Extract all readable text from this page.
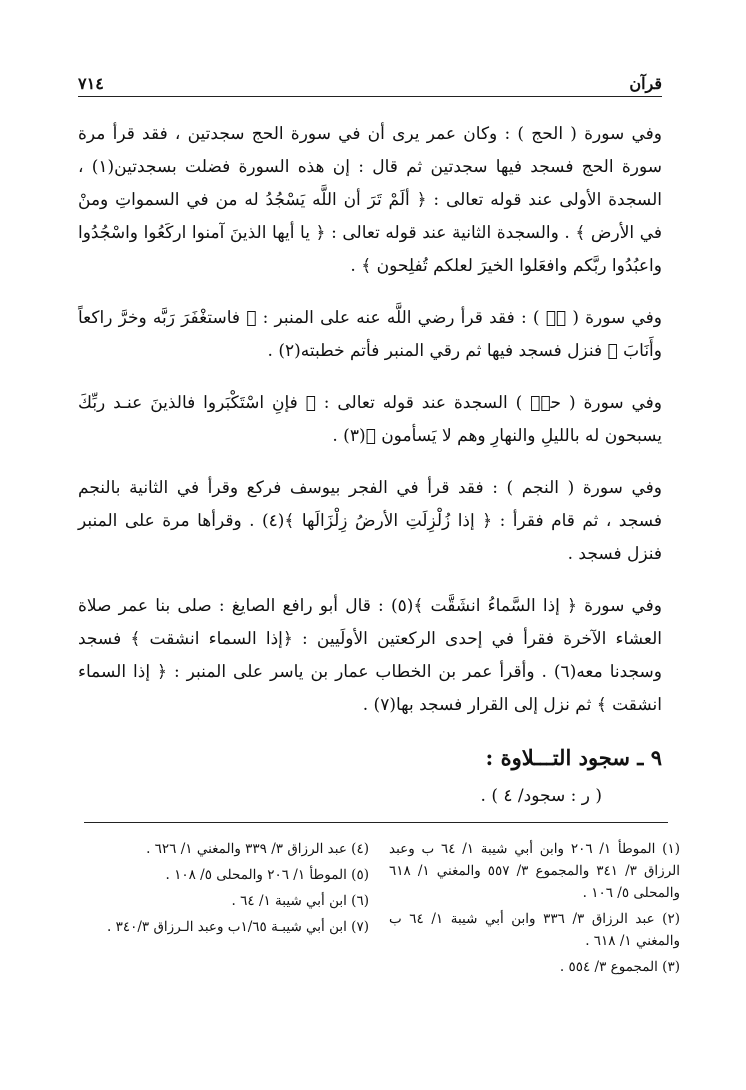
قرآن
٧١٤

وفي سورة ( الحج ) : وكان عمر يرى أن في سورة الحج سجدتين ، فقد قرأ مرة سورة الحج فسجد فيها سجدتين ثم قال : إن هذه السورة فضلت بسجدتين(١) ، السجدة الأولى عند قوله تعالى : ﴿ ألَمْ تَرَ أن اللَّه يَسْجُدُ له من في السمواتِ ومنْ في الأرض ﴾ . والسجدة الثانية عند قوله تعالى : ﴿ يا أيها الذينَ آمنوا اركَعُوا واسْجُدُوا واعبُدُوا ربَّكم وافعَلوا الخيرَ لعلكم تُفلِحون ﴾ .

وفي سورة ( صۤ ) : فقد قرأ رضي اللَّه عنه على المنبر : ﴿ فاستغْفَرَ رَبَّه وخرَّ راكعاً وأَنَابَ ﴾ فنزل فسجد فيها ثم رقي المنبر فأتم خطبته(٢) .

وفي سورة ( حمۤ ) السجدة عند قوله تعالى : ﴿ فإنِ اسْتَكْبَروا فالذينَ عنـد ربِّكَ يسبحون له بالليلِ والنهارِ وهم لا يَسأمون ﴾(٣) .

وفي سورة ( النجم ) : فقد قرأ في الفجر بيوسف فركع وقرأ في الثانية بالنجم فسجد ، ثم قام فقرأ : ﴿ إذا زُلْزِلَتِ الأرضُ زِلْزَالَها ﴾(٤) . وقرأها مرة على المنبر فنزل فسجد .

وفي سورة ﴿ إذا السَّماءُ انشَقَّت ﴾(٥) : قال أبو رافع الصايغ : صلى بنا عمر صلاة العشاء الآخرة فقرأ في إحدى الركعتين الأولَيين : ﴿إذا السماء انشقت ﴾ فسجد وسجدنا معه(٦) . وأقرأ عمر بن الخطاب عمار بن ياسر على المنبر : ﴿ إذا السماء انشقت ﴾ ثم نزل إلى القرار فسجد بها(٧) .

٩ ـ سجود التـــلاوة :
( ر : سجود/ ٤ ) .

(١) الموطأ ١/ ٢٠٦ وابن أبي شيبة ١/ ٦٤ ب وعبد الرزاق ٣/ ٣٤١ والمجموع ٣/ ٥٥٧ والمغني ١/ ٦١٨ والمحلى ٥/ ١٠٦ .

(٢) عبد الرزاق ٣/ ٣٣٦ وابن أبي شيبة ١/ ٦٤ ب والمغني ١/ ٦١٨ .

(٣) المجموع ٣/ ٥٥٤ .

(٤) عبد الرزاق ٣/ ٣٣٩ والمغني ١/ ٦٢٦ .

(٥) الموطأ ١/ ٢٠٦ والمحلى ٥/ ١٠٨ .

(٦) ابن أبي شيبة ١/ ٦٤ .

(٧) ابن أبي شيبـة ١/٦٥ب وعبد الـرزاق ٣٤٠/٣ .
